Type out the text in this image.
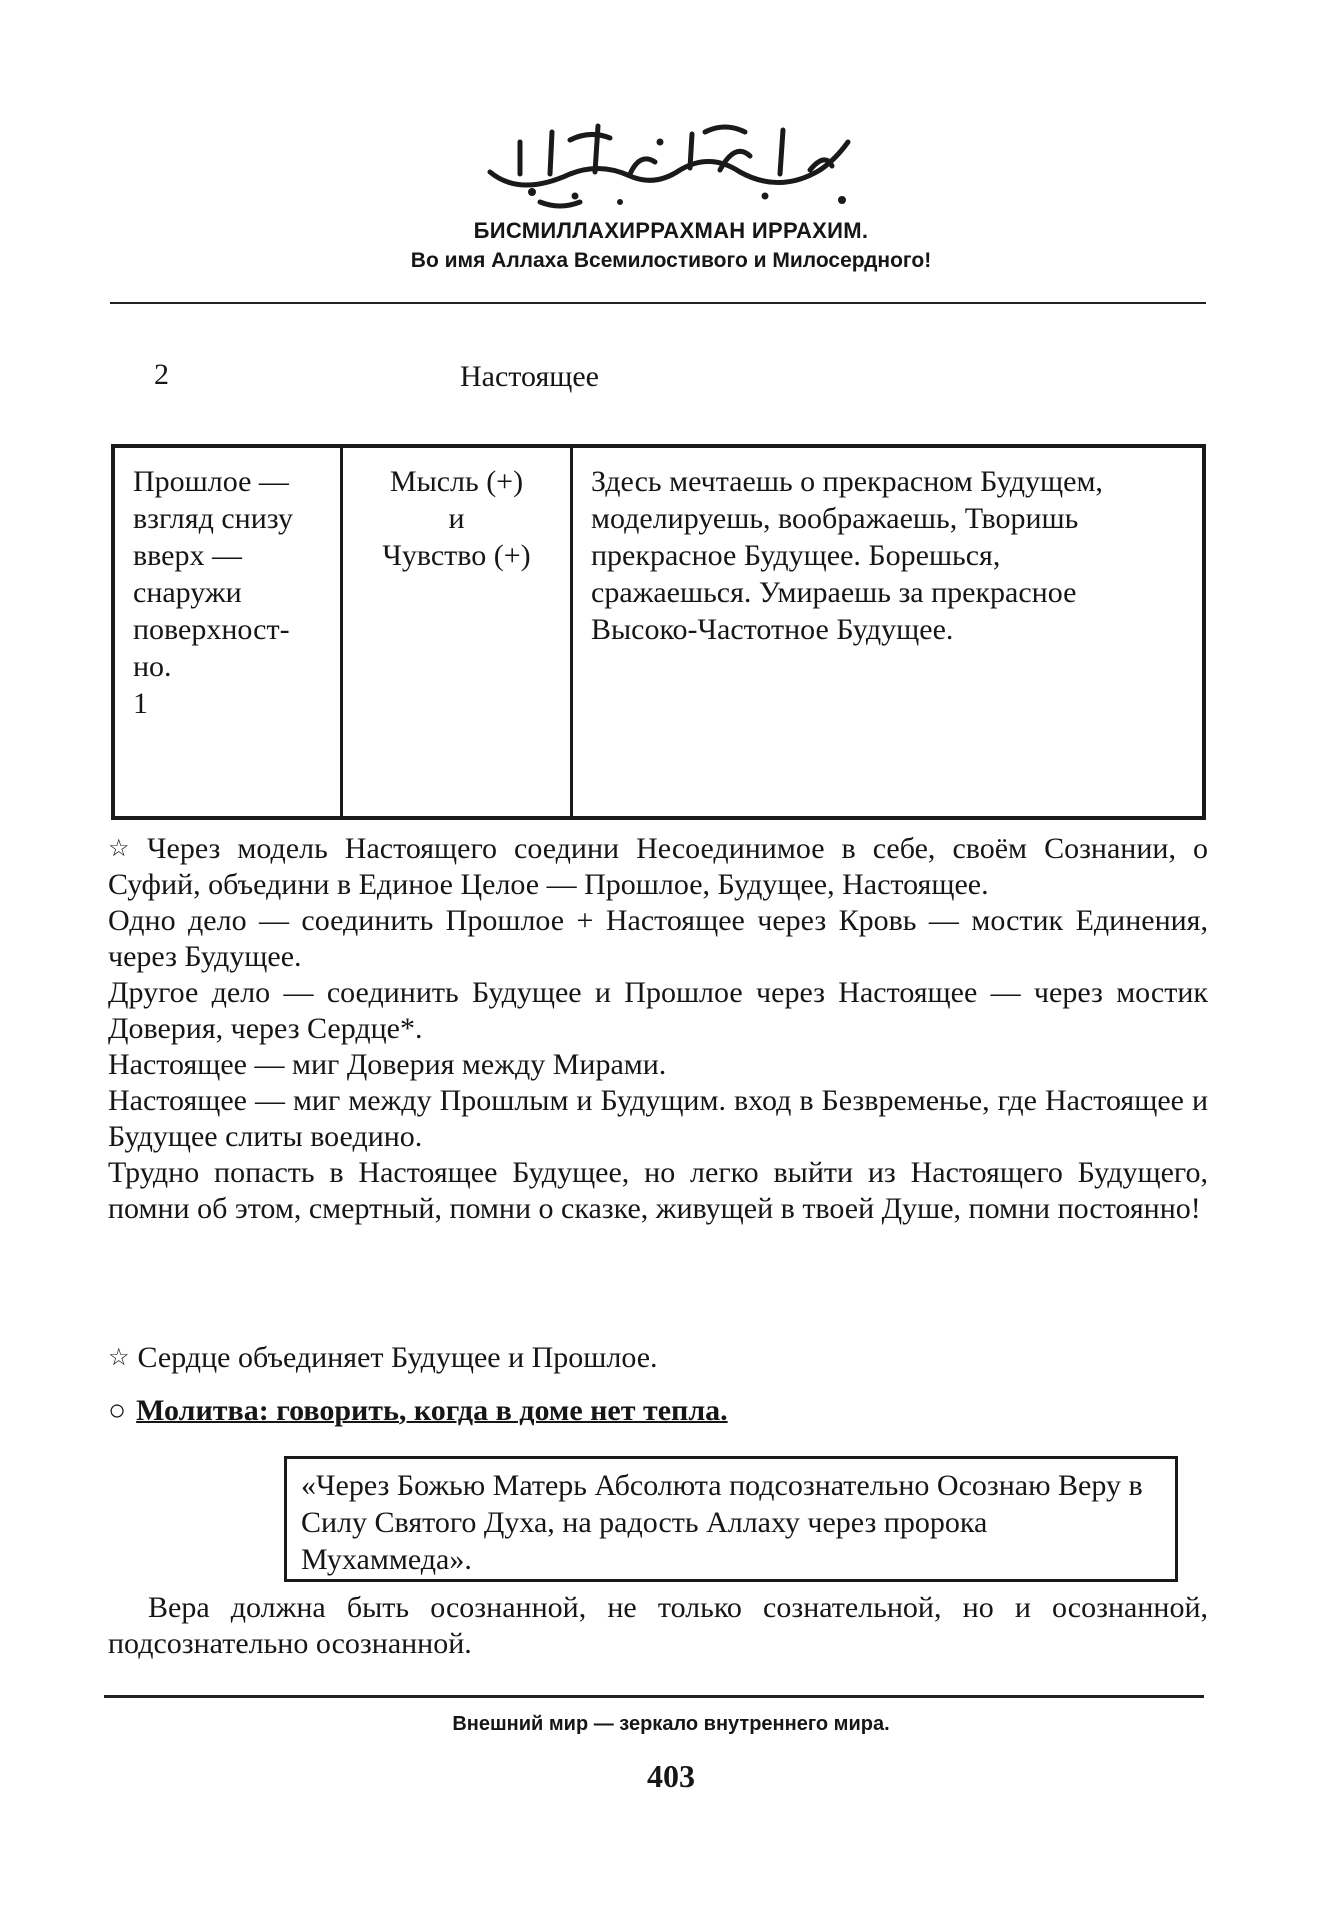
БИСМИЛЛАХИРРАХМАН ИРРАХИМ.
Во имя Аллаха Всемилостивого и Милосердного!
2	Настоящее
Прошлое —
взгляд снизу
вверх —
снаружи
поверхност-
но.
1
Мысль (+)
и
Чувство (+)
Здесь мечтаешь о прекрасном Будущем,
моделируешь, воображаешь, Творишь
прекрасное Будущее. Борешься,
сражаешься. Умираешь за прекрасное
Высоко-Частотное Будущее.

☆ Через модель Настоящего соедини Несоединимое в себе, своём Сознании, о Суфий, объедини в Единое Целое — Прошлое, Будущее, Настоящее.

Одно дело — соединить Прошлое + Настоящее через Кровь — мостик Единения, через Будущее.

Другое дело — соединить Будущее и Прошлое через Настоящее — через мостик Доверия, через Сердце*.

Настоящее — миг Доверия между Мирами.

Настоящее — миг между Прошлым и Будущим. вход в Безвременье, где Настоящее и Будущее слиты воедино.

Трудно попасть в Настоящее Будущее, но легко выйти из Настоящего Будущего, помни об этом, смертный, помни о сказке, живущей в твоей Душе, помни постоянно!

☆ Сердце объединяет Будущее и Прошлое.
○ Молитва: говорить, когда в доме нет тепла.
«Через Божью Матерь Абсолюта подсознательно Осознаю Веру в Силу Святого Духа, на радость Аллаху через пророка Мухаммеда».
Вера должна быть осознанной, не только сознательной, но и осознанной, подсознательно осознанной.
Внешний мир — зеркало внутреннего мира.
403
